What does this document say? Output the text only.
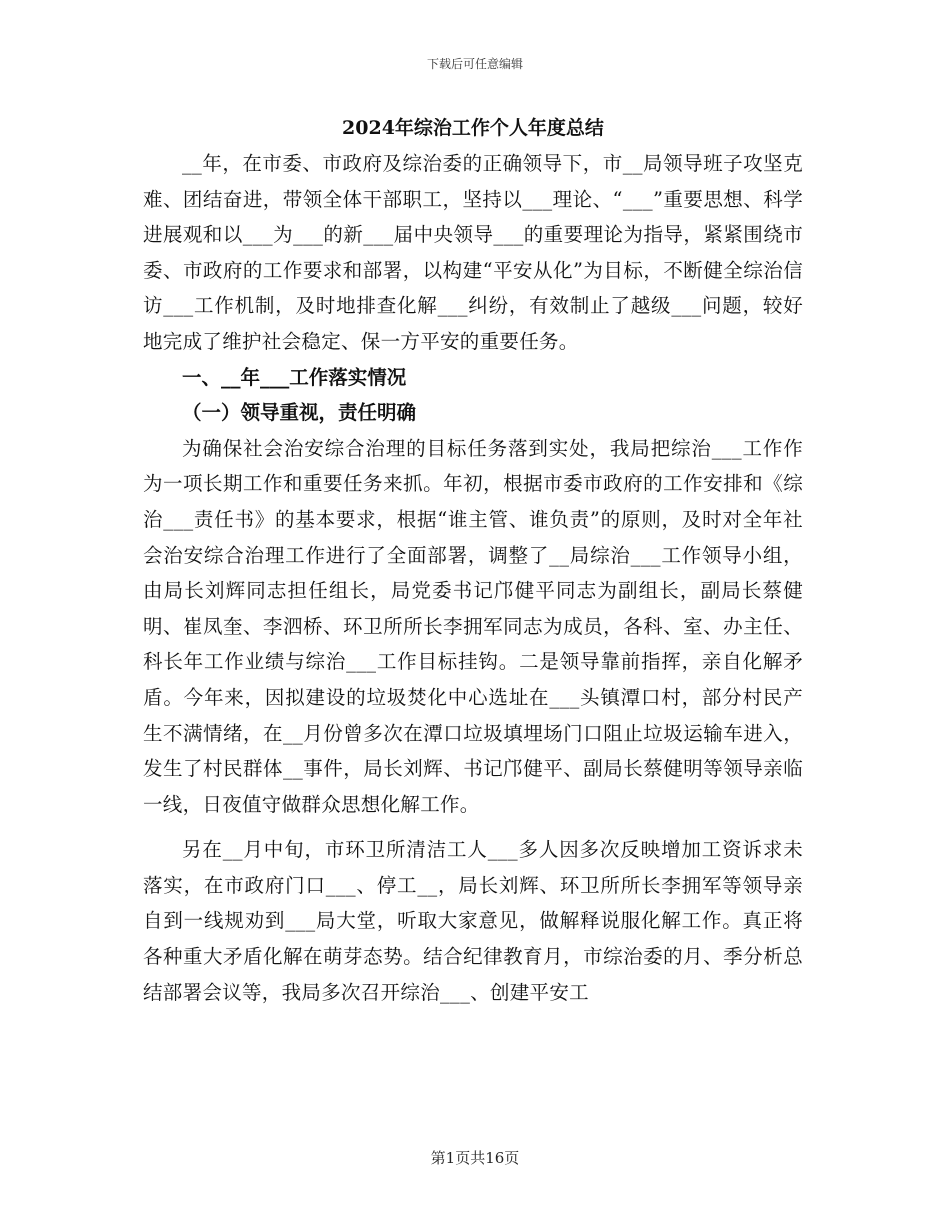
下载后可任意编辑
2024年综治工作个人年度总结

__年，在市委、市政府及综治委的正确领导下，市__局领导班子攻坚克难、团结奋进，带领全体干部职工，坚持以___理论、“___”重要思想、科学进展观和以___为___的新___届中央领导___的重要理论为指导，紧紧围绕市委、市政府的工作要求和部署，以构建“平安从化”为目标，不断健全综治信访___工作机制，及时地排查化解___纠纷，有效制止了越级___问题，较好地完成了维护社会稳定、保一方平安的重要任务。

一、__年___工作落实情况

（一）领导重视，责任明确

为确保社会治安综合治理的目标任务落到实处，我局把综治___工作作为一项长期工作和重要任务来抓。年初，根据市委市政府的工作安排和《综治___责任书》的基本要求，根据“谁主管、谁负责”的原则，及时对全年社会治安综合治理工作进行了全面部署，调整了__局综治___工作领导小组，由局长刘辉同志担任组长，局党委书记邝健平同志为副组长，副局长蔡健明、崔凤奎、李泗桥、环卫所所长李拥军同志为成员，各科、室、办主任、科长年工作业绩与综治___工作目标挂钩。二是领导靠前指挥，亲自化解矛盾。今年来，因拟建设的垃圾焚化中心选址在___头镇潭口村，部分村民产生不满情绪，在__月份曾多次在潭口垃圾填埋场门口阻止垃圾运输车进入，发生了村民群体__事件，局长刘辉、书记邝健平、副局长蔡健明等领导亲临一线，日夜值守做群众思想化解工作。

另在__月中旬，市环卫所清洁工人___多人因多次反映增加工资诉求未落实，在市政府门口___、停工__，局长刘辉、环卫所所长李拥军等领导亲自到一线规劝到___局大堂，听取大家意见，做解释说服化解工作。真正将各种重大矛盾化解在萌芽态势。结合纪律教育月，市综治委的月、季分析总结部署会议等，我局多次召开综治___、创建平安工

第1页共16页
